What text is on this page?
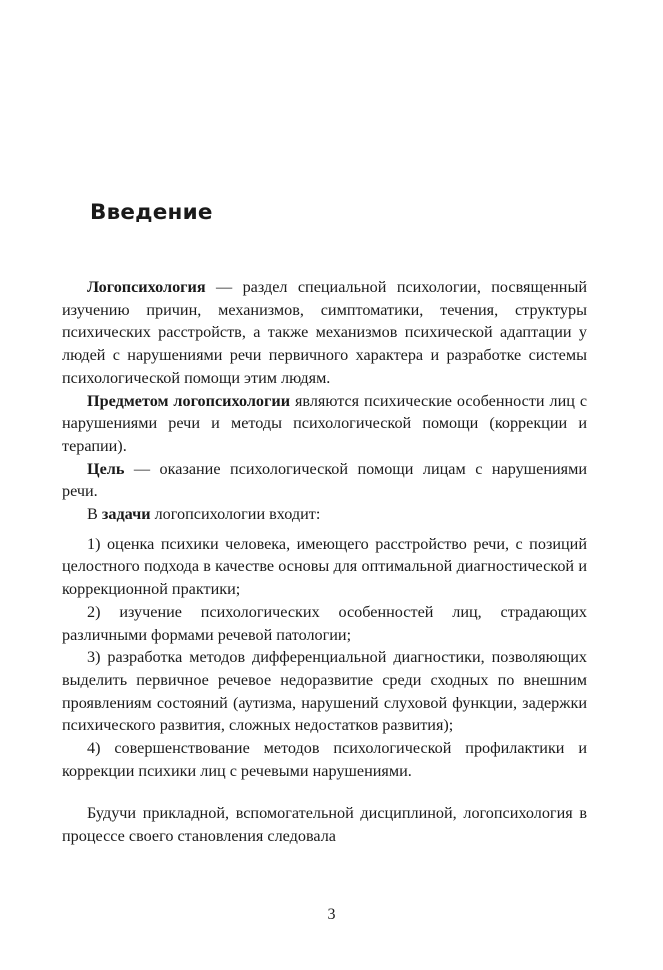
Введение

Логопсихология — раздел специальной психологии, посвященный изучению причин, механизмов, симптоматики, течения, структуры психических расстройств, а также механизмов психической адаптации у людей с нарушениями речи первичного характера и разработке системы психологической помощи этим людям.

Предметом логопсихологии являются психические особенности лиц с нарушениями речи и методы психологической помощи (коррекции и терапии).

Цель — оказание психологической помощи лицам с нарушениями речи.

В задачи логопсихологии входит:

1) оценка психики человека, имеющего расстройство речи, с позиций целостного подхода в качестве основы для оптимальной диагностической и коррекционной практики;

2) изучение психологических особенностей лиц, страдающих различными формами речевой патологии;

3) разработка методов дифференциальной диагностики, позволяющих выделить первичное речевое недоразвитие среди сходных по внешним проявлениям состояний (аутизма, нарушений слуховой функции, задержки психического развития, сложных недостатков развития);

4) совершенствование методов психологической профилактики и коррекции психики лиц с речевыми нарушениями.

Будучи прикладной, вспомогательной дисциплиной, логопсихология в процессе своего становления следовала

3
